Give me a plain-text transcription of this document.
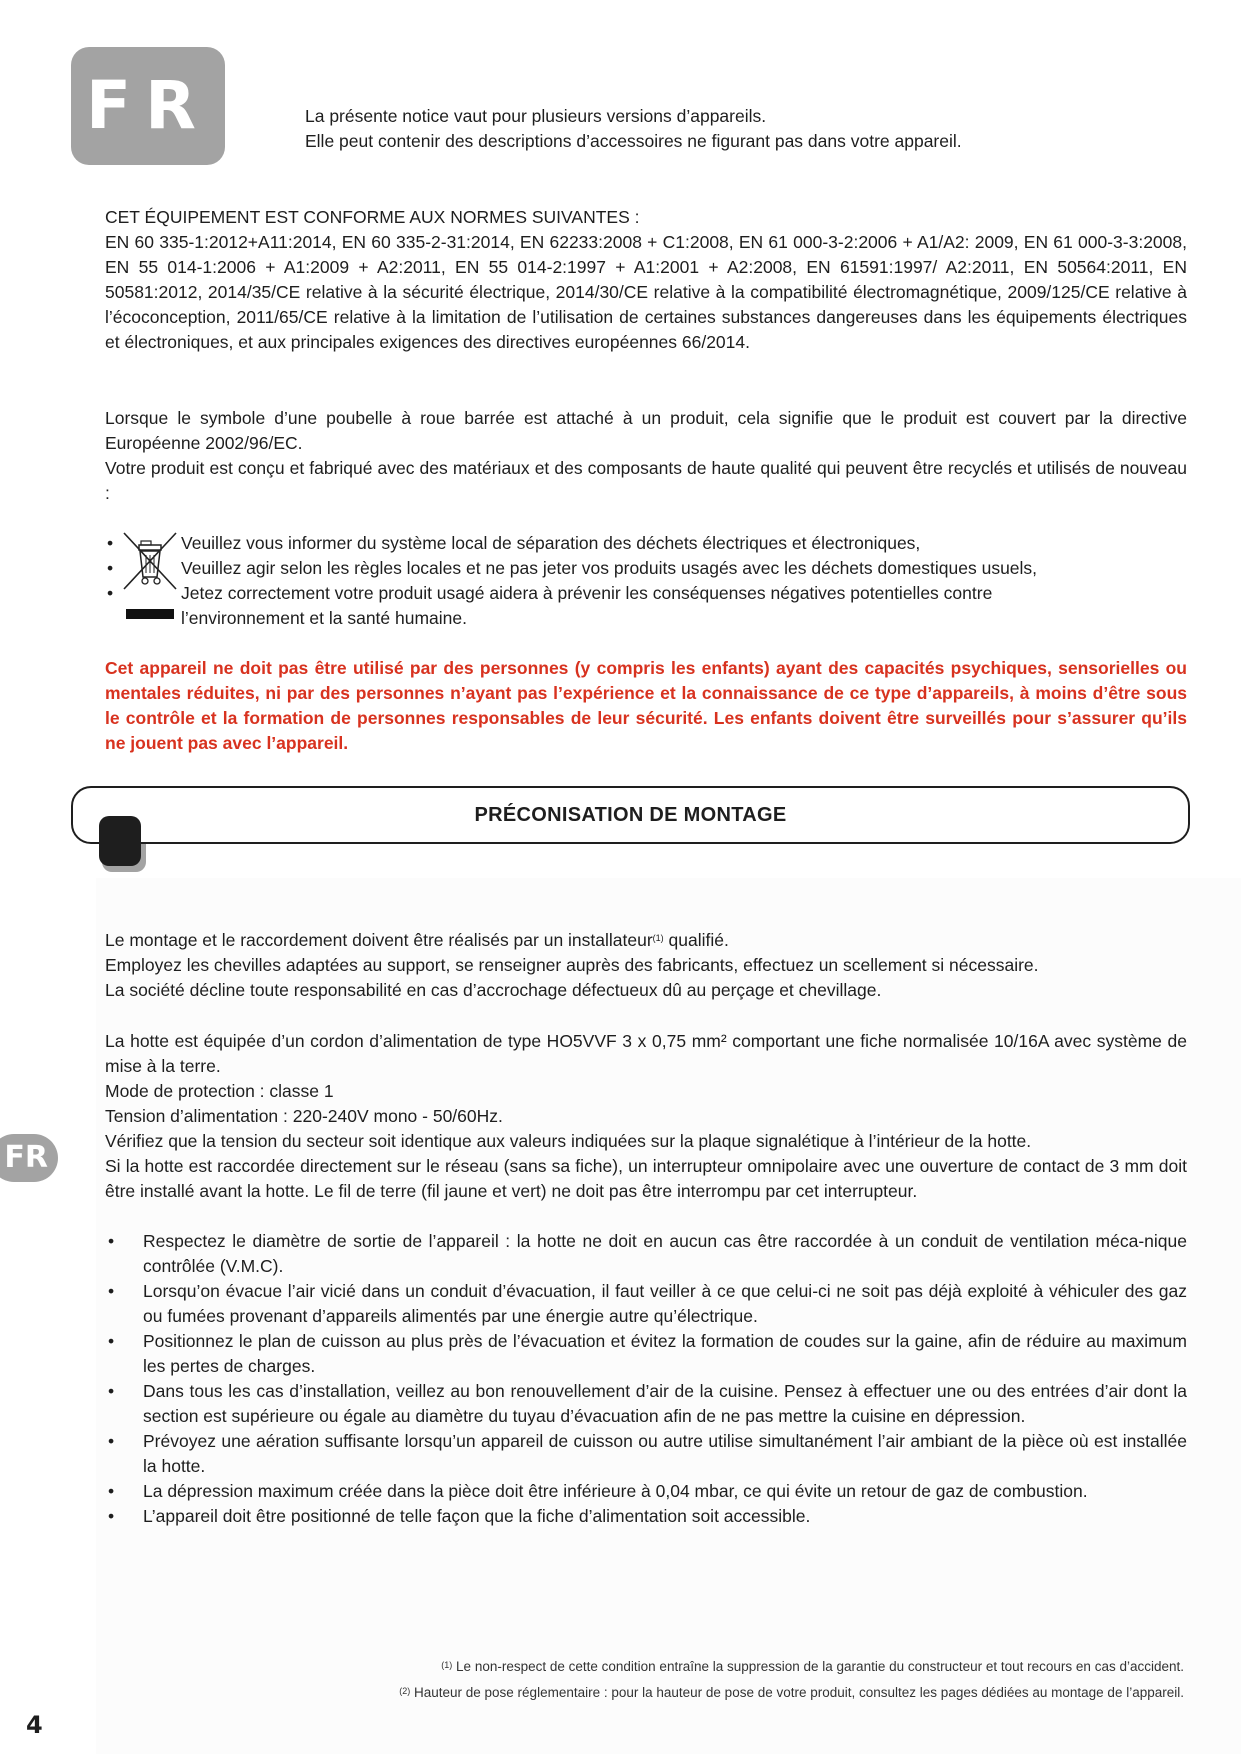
FR	La présente notice vaut pour plusieurs versions d’appareils.
Elle peut contenir des descriptions d’accessoires ne figurant pas dans votre appareil.

CET ÉQUIPEMENT EST CONFORME AUX NORMES SUIVANTES :

EN 60 335-1:2012+A11:2014, EN 60 335-2-31:2014, EN 62233:2008 + C1:2008, EN 61 000-3-2:2006 + A1/A2: 2009, EN 61 000-3-3:2008, EN 55 014-1:2006 + A1:2009 + A2:2011, EN 55 014-2:1997 + A1:2001 + A2:2008, EN 61591:1997/ A2:2011, EN 50564:2011, EN 50581:2012, 2014/35/CE relative à la sécurité électrique, 2014/30/CE relative à la compatibilité électromagnétique, 2009/125/CE relative à l’écoconception, 2011/65/CE relative à la limitation de l’utilisation de certaines substances dangereuses dans les équipements électriques et électroniques, et aux principales exigences des directives européennes 66/2014.

Lorsque le symbole d’une poubelle à roue barrée est attaché à un produit, cela signifie que le produit est couvert par la directive Européenne 2002/96/EC.

Votre produit est conçu et fabriqué avec des matériaux et des composants de haute qualité qui peuvent être recyclés et utilisés de nouveau :

•	Veuillez vous informer du système local de séparation des déchets électriques et électroniques,
•	Veuillez agir selon les règles locales et ne pas jeter vos produits usagés avec les déchets domestiques usuels,
•	Jetez correctement votre produit usagé aidera à prévenir les conséquenses négatives potentielles contre
l’environnement et la santé humaine.
Cet appareil ne doit pas être utilisé par des personnes (y compris les enfants) ayant des capacités psychiques, sensorielles ou mentales réduites, ni par des personnes n’ayant pas l’expérience et la connaissance de ce type d’appareils, à moins d’être sous le contrôle et la formation de personnes responsables de leur sécurité. Les enfants doivent être surveillés pour s’assurer qu’ils ne jouent pas avec l’appareil.
PRÉCONISATION DE MONTAGE

Le montage et le raccordement doivent être réalisés par un installateur$^{(1)}$ qualifié.

Employez les chevilles adaptées au support, se renseigner auprès des fabricants, effectuez un scellement si nécessaire.

La société décline toute responsabilité en cas d’accrochage défectueux dû au perçage et chevillage.

La hotte est équipée d’un cordon d’alimentation de type HO5VVF 3 x 0,75 mm² comportant une fiche normalisée 10/16A avec système de mise à la terre.

Mode de protection : classe 1

Tension d’alimentation : 220-240V mono - 50/60Hz.

Vérifiez que la tension du secteur soit identique aux valeurs indiquées sur la plaque signalétique à l’intérieur de la hotte.

Si la hotte est raccordée directement sur le réseau (sans sa fiche), un interrupteur omnipolaire avec une ouverture de contact de 3 mm doit être installé avant la hotte. Le fil de terre (fil jaune et vert) ne doit pas être interrompu par cet interrupteur.

• Respectez le diamètre de sortie de l’appareil : la hotte ne doit en aucun cas être raccordée à un conduit de ventilation méca-nique contrôlée (V.M.C).
• Lorsqu’on évacue l’air vicié dans un conduit d’évacuation, il faut veiller à ce que celui-ci ne soit pas déjà exploité à véhiculer des gaz ou fumées provenant d’appareils alimentés par une énergie autre qu’électrique.
• Positionnez le plan de cuisson au plus près de l’évacuation et évitez la formation de coudes sur la gaine, afin de réduire au maximum les pertes de charges.
• Dans tous les cas d’installation, veillez au bon renouvellement d’air de la cuisine. Pensez à effectuer une ou des entrées d’air dont la section est supérieure ou égale au diamètre du tuyau d’évacuation afin de ne pas mettre la cuisine en dépression.
• Prévoyez une aération suffisante lorsqu’un appareil de cuisson ou autre utilise simultanément l’air ambiant de la pièce où est installée la hotte.
• La dépression maximum créée dans la pièce doit être inférieure à 0,04 mbar, ce qui évite un retour de gaz de combustion.
• L’appareil doit être positionné de telle façon que la fiche d’alimentation soit accessible.
$^{(1)}$ Le non-respect de cette condition entraîne la suppression de la garantie du constructeur et tout recours en cas d’accident.
$^{(2)}$ Hauteur de pose réglementaire : pour la hauteur de pose de votre produit, consultez les pages dédiées au montage de l’appareil.
FR
4
